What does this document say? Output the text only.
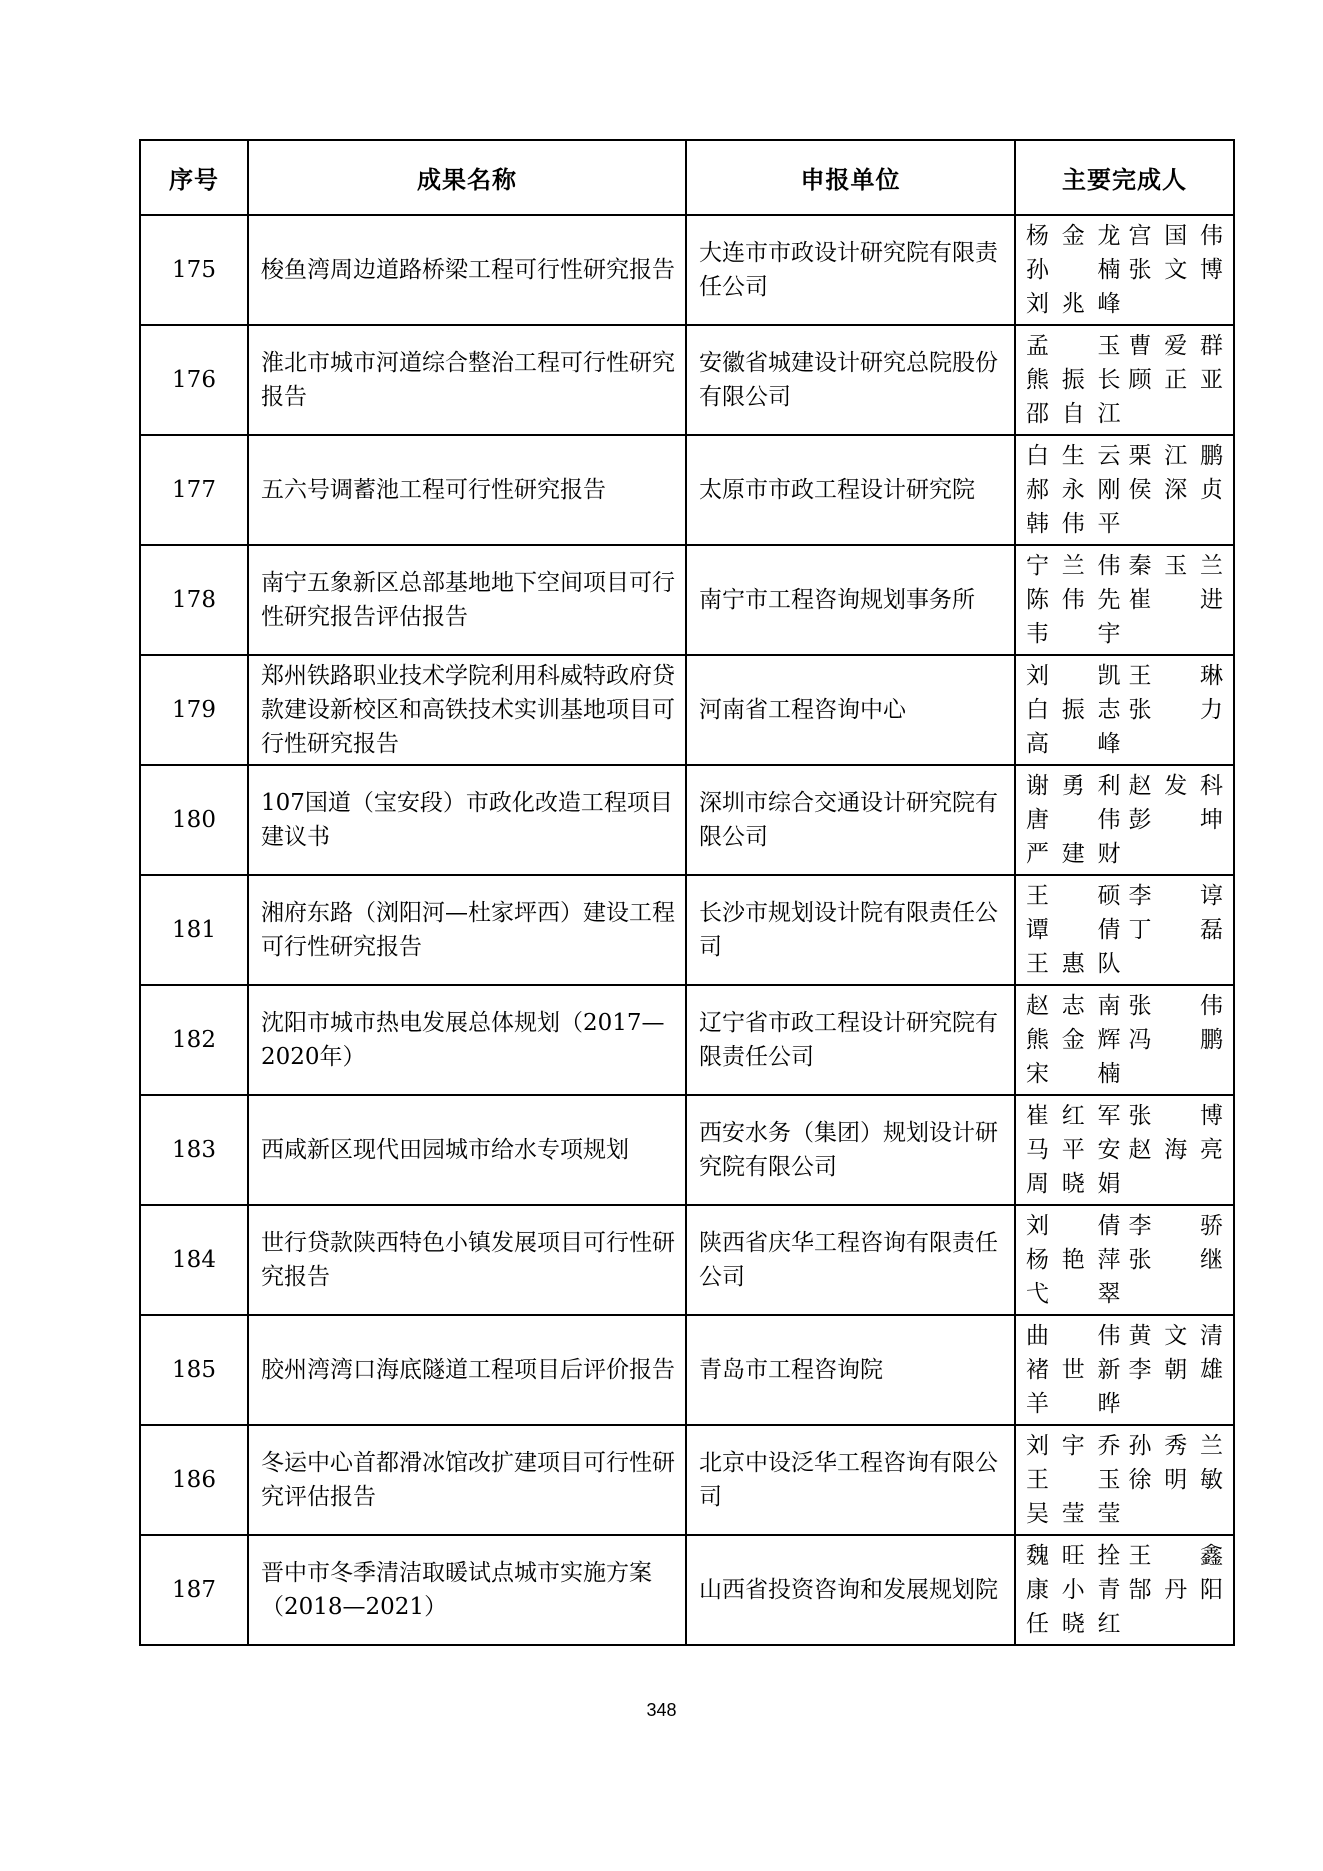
序号	成果名称	申报单位	主要完成人
175	梭鱼湾周边道路桥梁工程可行性研究报告	大连市市政设计研究院有限责任公司	杨金龙 宫国伟
孙楠 张文博
刘兆峰

176	淮北市城市河道综合整治工程可行性研究报告	安徽省城建设计研究总院股份有限公司	孟玉 曹爱群
熊振长 顾正亚
邵自江

177	五六号调蓄池工程可行性研究报告	太原市市政工程设计研究院	白生云 栗江鹏
郝永刚 侯深贞
韩伟平

178	南宁五象新区总部基地地下空间项目可行性研究报告评估报告	南宁市工程咨询规划事务所	宁兰伟 秦玉兰
陈伟先 崔进
韦宇

179	郑州铁路职业技术学院利用科威特政府贷款建设新校区和高铁技术实训基地项目可行性研究报告	河南省工程咨询中心	刘凯 王琳
白振志 张力
高峰

180	107国道（宝安段）市政化改造工程项目建议书	深圳市综合交通设计研究院有限公司	谢勇利 赵发科
唐伟 彭坤
严建财

181	湘府东路（浏阳河—杜家坪西）建设工程可行性研究报告	长沙市规划设计院有限责任公司	王硕 李谆
谭倩 丁磊
王惠队

182	沈阳市城市热电发展总体规划（2017—2020年）	辽宁省市政工程设计研究院有限责任公司	赵志南 张伟
熊金辉 冯鹏
宋楠

183	西咸新区现代田园城市给水专项规划	西安水务（集团）规划设计研究院有限公司	崔红军 张博
马平安 赵海亮
周晓娟

184	世行贷款陕西特色小镇发展项目可行性研究报告	陕西省庆华工程咨询有限责任公司	刘倩 李骄
杨艳萍 张继
弋翠

185	胶州湾湾口海底隧道工程项目后评价报告	青岛市工程咨询院	曲伟 黄文清
褚世新 李朝雄
羊晔

186	冬运中心首都滑冰馆改扩建项目可行性研究评估报告	北京中设泛华工程咨询有限公司	刘宇乔 孙秀兰
王玉 徐明敏
吴莹莹

187	晋中市冬季清洁取暖试点城市实施方案（2018—2021）	山西省投资咨询和发展规划院	魏旺拴 王鑫
康小青 郜丹阳
任晓红
348
